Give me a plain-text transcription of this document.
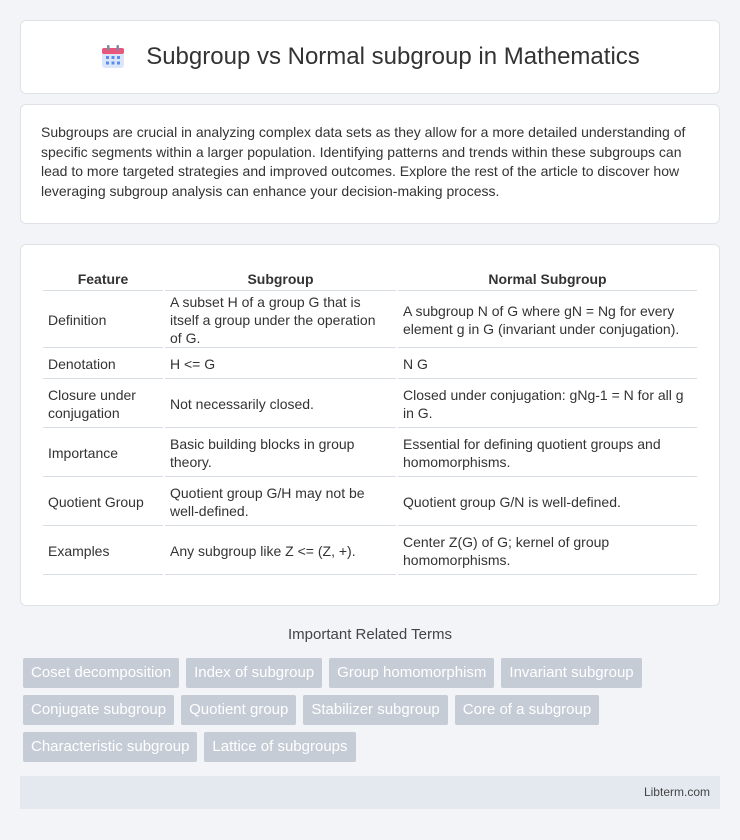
Subgroup vs Normal subgroup in Mathematics

Subgroups are crucial in analyzing complex data sets as they allow for a more detailed understanding of specific segments within a larger population. Identifying patterns and trends within these subgroups can lead to more targeted strategies and improved outcomes. Explore the rest of the article to discover how leveraging subgroup analysis can enhance your decision-making process.

Feature	Subgroup	Normal Subgroup
Definition	A subset H of a group G that is itself a group under the operation of G.	A subgroup N of G where gN = Ng for every element g in G (invariant under conjugation).
Denotation	H <= G	N G
Closure under conjugation	Not necessarily closed.	Closed under conjugation: gNg-1 = N for all g in G.
Importance	Basic building blocks in group theory.	Essential for defining quotient groups and homomorphisms.
Quotient Group	Quotient group G/H may not be well-defined.	Quotient group G/N is well-defined.
Examples	Any subgroup like Z <= (Z, +).	Center Z(G) of G; kernel of group homomorphisms.
Important Related Terms
Coset decomposition	Index of subgroup	Group homomorphism	Invariant subgroup
Conjugate subgroup	Quotient group	Stabilizer subgroup	Core of a subgroup
Characteristic subgroup	Lattice of subgroups
Libterm.com
